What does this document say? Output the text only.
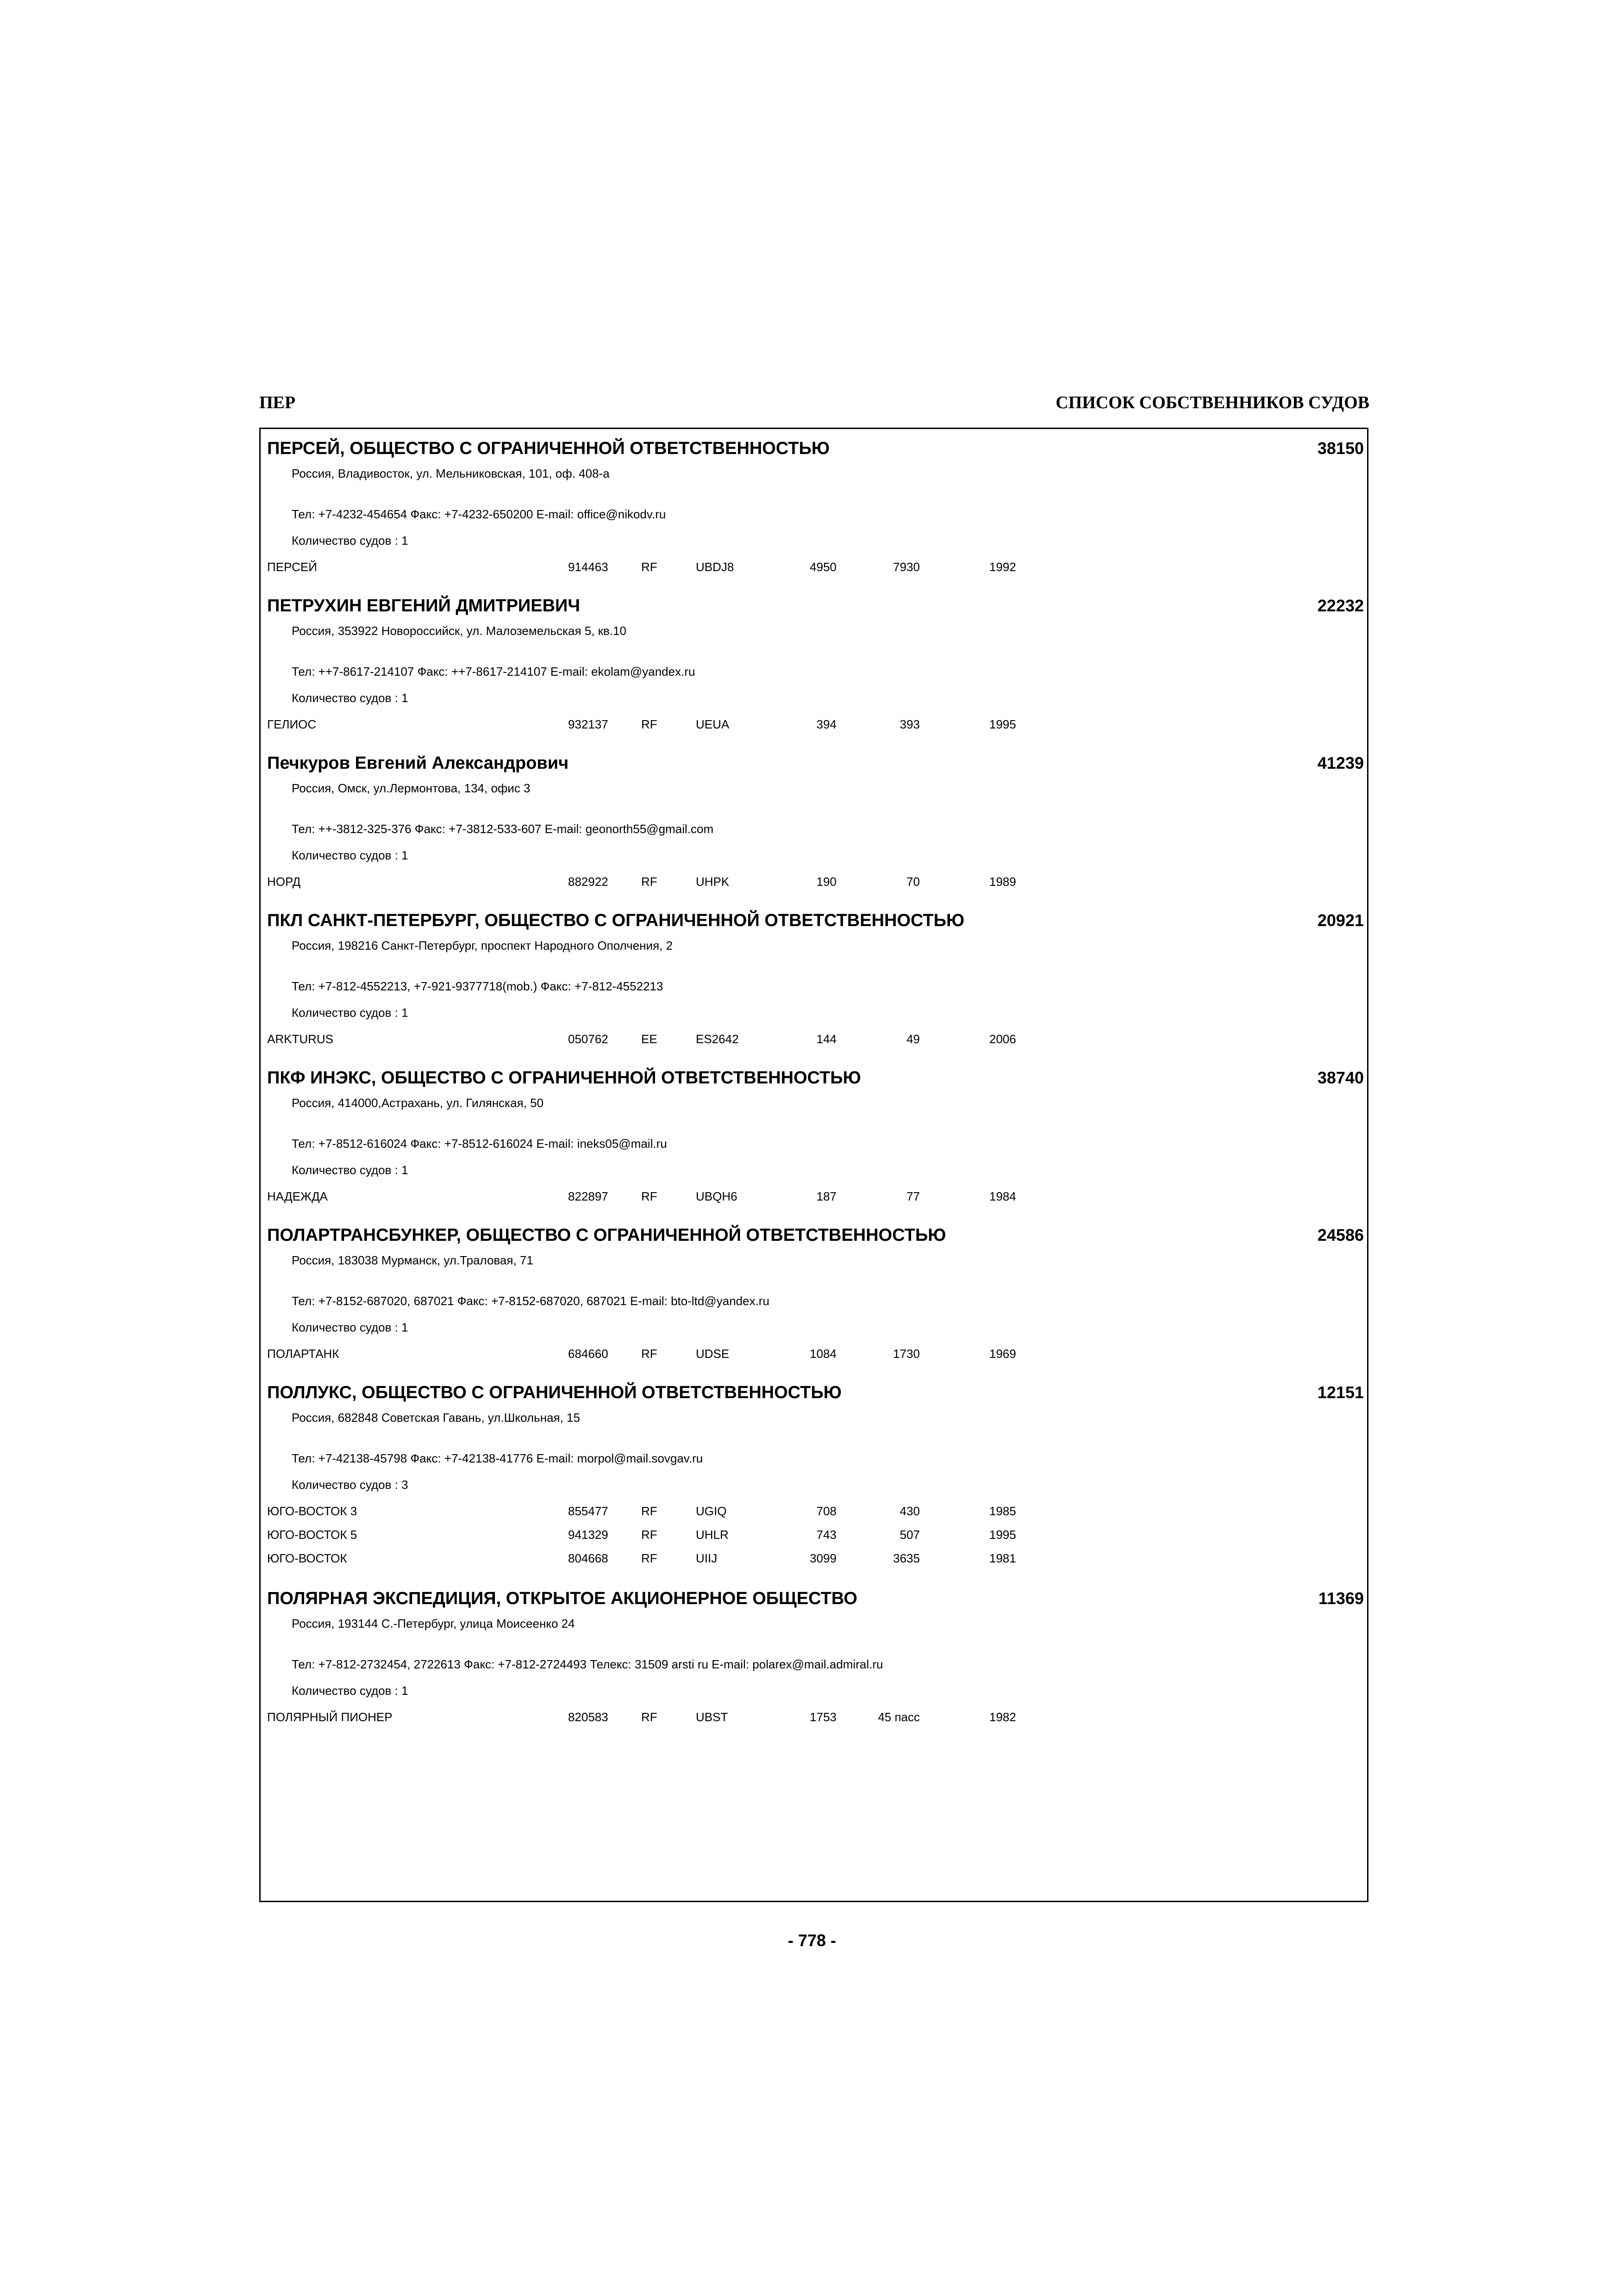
ПЕР	СПИСОК СОБСТВЕННИКОВ СУДОВ
ПЕРСЕЙ, ОБЩЕСТВО С ОГРАНИЧЕННОЙ ОТВЕТСТВЕННОСТЬЮ	38150
Россия, Владивосток, ул. Мельниковская, 101, оф. 408-а
Тел: +7-4232-454654 Факс: +7-4232-650200 E-mail: office@nikodv.ru
Количество судов : 1
ПЕРСЕЙ	914463	RF	UBDJ8	4950	7930	1992
ПЕТРУХИН ЕВГЕНИЙ ДМИТРИЕВИЧ	22232
Россия, 353922 Новороссийск, ул. Малоземельская 5, кв.10
Тел: ++7-8617-214107 Факс: ++7-8617-214107 E-mail: ekolam@yandex.ru
Количество судов : 1
ГЕЛИОС	932137	RF	UEUA	394	393	1995
Печкуров Евгений Александрович	41239
Россия, Омск, ул.Лермонтова, 134, офис 3
Тел: ++-3812-325-376 Факс: +7-3812-533-607 E-mail: geonorth55@gmail.com
Количество судов : 1
НОРД	882922	RF	UHPK	190	70	1989
ПКЛ САНКТ-ПЕТЕРБУРГ, ОБЩЕСТВО С ОГРАНИЧЕННОЙ ОТВЕТСТВЕННОСТЬЮ	20921
Россия, 198216 Санкт-Петербург, проспект Народного Ополчения, 2
Тел: +7-812-4552213, +7-921-9377718(mob.) Факс: +7-812-4552213
Количество судов : 1
ARKTURUS	050762	EE	ES2642	144	49	2006
ПКФ ИНЭКС, ОБЩЕСТВО С ОГРАНИЧЕННОЙ ОТВЕТСТВЕННОСТЬЮ	38740
Россия, 414000,Астрахань, ул. Гилянская, 50
Тел: +7-8512-616024 Факс: +7-8512-616024 E-mail: ineks05@mail.ru
Количество судов : 1
НАДЕЖДА	822897	RF	UBQH6	187	77	1984
ПОЛАРТРАНСБУНКЕР, ОБЩЕСТВО С ОГРАНИЧЕННОЙ ОТВЕТСТВЕННОСТЬЮ	24586
Россия, 183038 Мурманск, ул.Траловая, 71
Тел: +7-8152-687020, 687021 Факс: +7-8152-687020, 687021 E-mail: bto-ltd@yandex.ru
Количество судов : 1
ПОЛАРТАНК	684660	RF	UDSE	1084	1730	1969
ПОЛЛУКС, ОБЩЕСТВО С ОГРАНИЧЕННОЙ ОТВЕТСТВЕННОСТЬЮ	12151
Россия, 682848 Советская Гавань, ул.Школьная, 15
Тел: +7-42138-45798 Факс: +7-42138-41776 E-mail: morpol@mail.sovgav.ru
Количество судов : 3
ЮГО-ВОСТОК 3	855477	RF	UGIQ	708	430	1985
ЮГО-ВОСТОК 5	941329	RF	UHLR	743	507	1995
ЮГО-ВОСТОК	804668	RF	UIIJ	3099	3635	1981
ПОЛЯРНАЯ ЭКСПЕДИЦИЯ, ОТКРЫТОЕ АКЦИОНЕРНОЕ ОБЩЕСТВО	11369
Россия, 193144 С.-Петербург, улица Моисеенко 24
Тел: +7-812-2732454, 2722613 Факс: +7-812-2724493 Телекс: 31509 arsti ru E-mail: polarex@mail.admiral.ru
Количество судов : 1
ПОЛЯРНЫЙ ПИОНЕР	820583	RF	UBST	1753	45 пасс	1982
- 778 -
